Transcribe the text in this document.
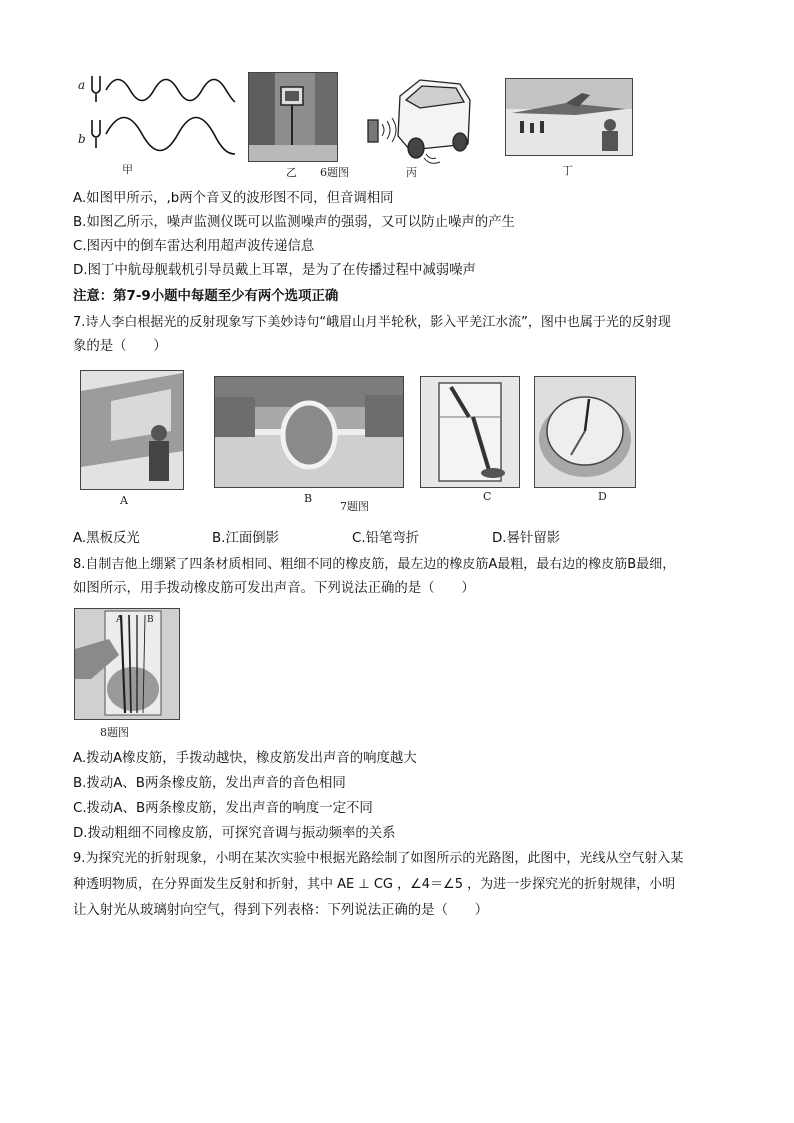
a
b
甲	乙 6题图	丙	丁
A.如图甲所示，,b两个音叉的波形图不同，但音调相同
B.如图乙所示，噪声监测仪既可以监测噪声的强弱，又可以防止噪声的产生
C.图丙中的倒车雷达利用超声波传递信息
D.图丁中航母舰载机引导员戴上耳罩，是为了在传播过程中减弱噪声
注意：第7-9小题中每题至少有两个选项正确
7.诗人李白根据光的反射现象写下美妙诗句“峨眉山月半轮秋，影入平羌江水流”，图中也属于光的反射现
象的是（　　）
A	B
7题图
C	D
A.黑板反光	B.江面倒影	C.铅笔弯折	D.晷针留影
8.自制吉他上绷紧了四条材质相同、粗细不同的橡皮筋，最左边的橡皮筋A最粗，最右边的橡皮筋B最细，
如图所示，用手拨动橡皮筋可发出声音。下列说法正确的是（　　）
A	B
8题图
A.拨动A橡皮筋，手拨动越快，橡皮筋发出声音的响度越大
B.拨动A、B两条橡皮筋，发出声音的音色相同
C.拨动A、B两条橡皮筋，发出声音的响度一定不同
D.拨动粗细不同橡皮筋，可探究音调与振动频率的关系
9.为探究光的折射现象，小明在某次实验中根据光路绘制了如图所示的光路图，此图中，光线从空气射入某
种透明物质，在分界面发生反射和折射，其中 AE ⊥ CG ，∠4＝∠5 ，为进一步探究光的折射规律，小明
让入射光从玻璃射向空气，得到下列表格：下列说法正确的是（　　）
